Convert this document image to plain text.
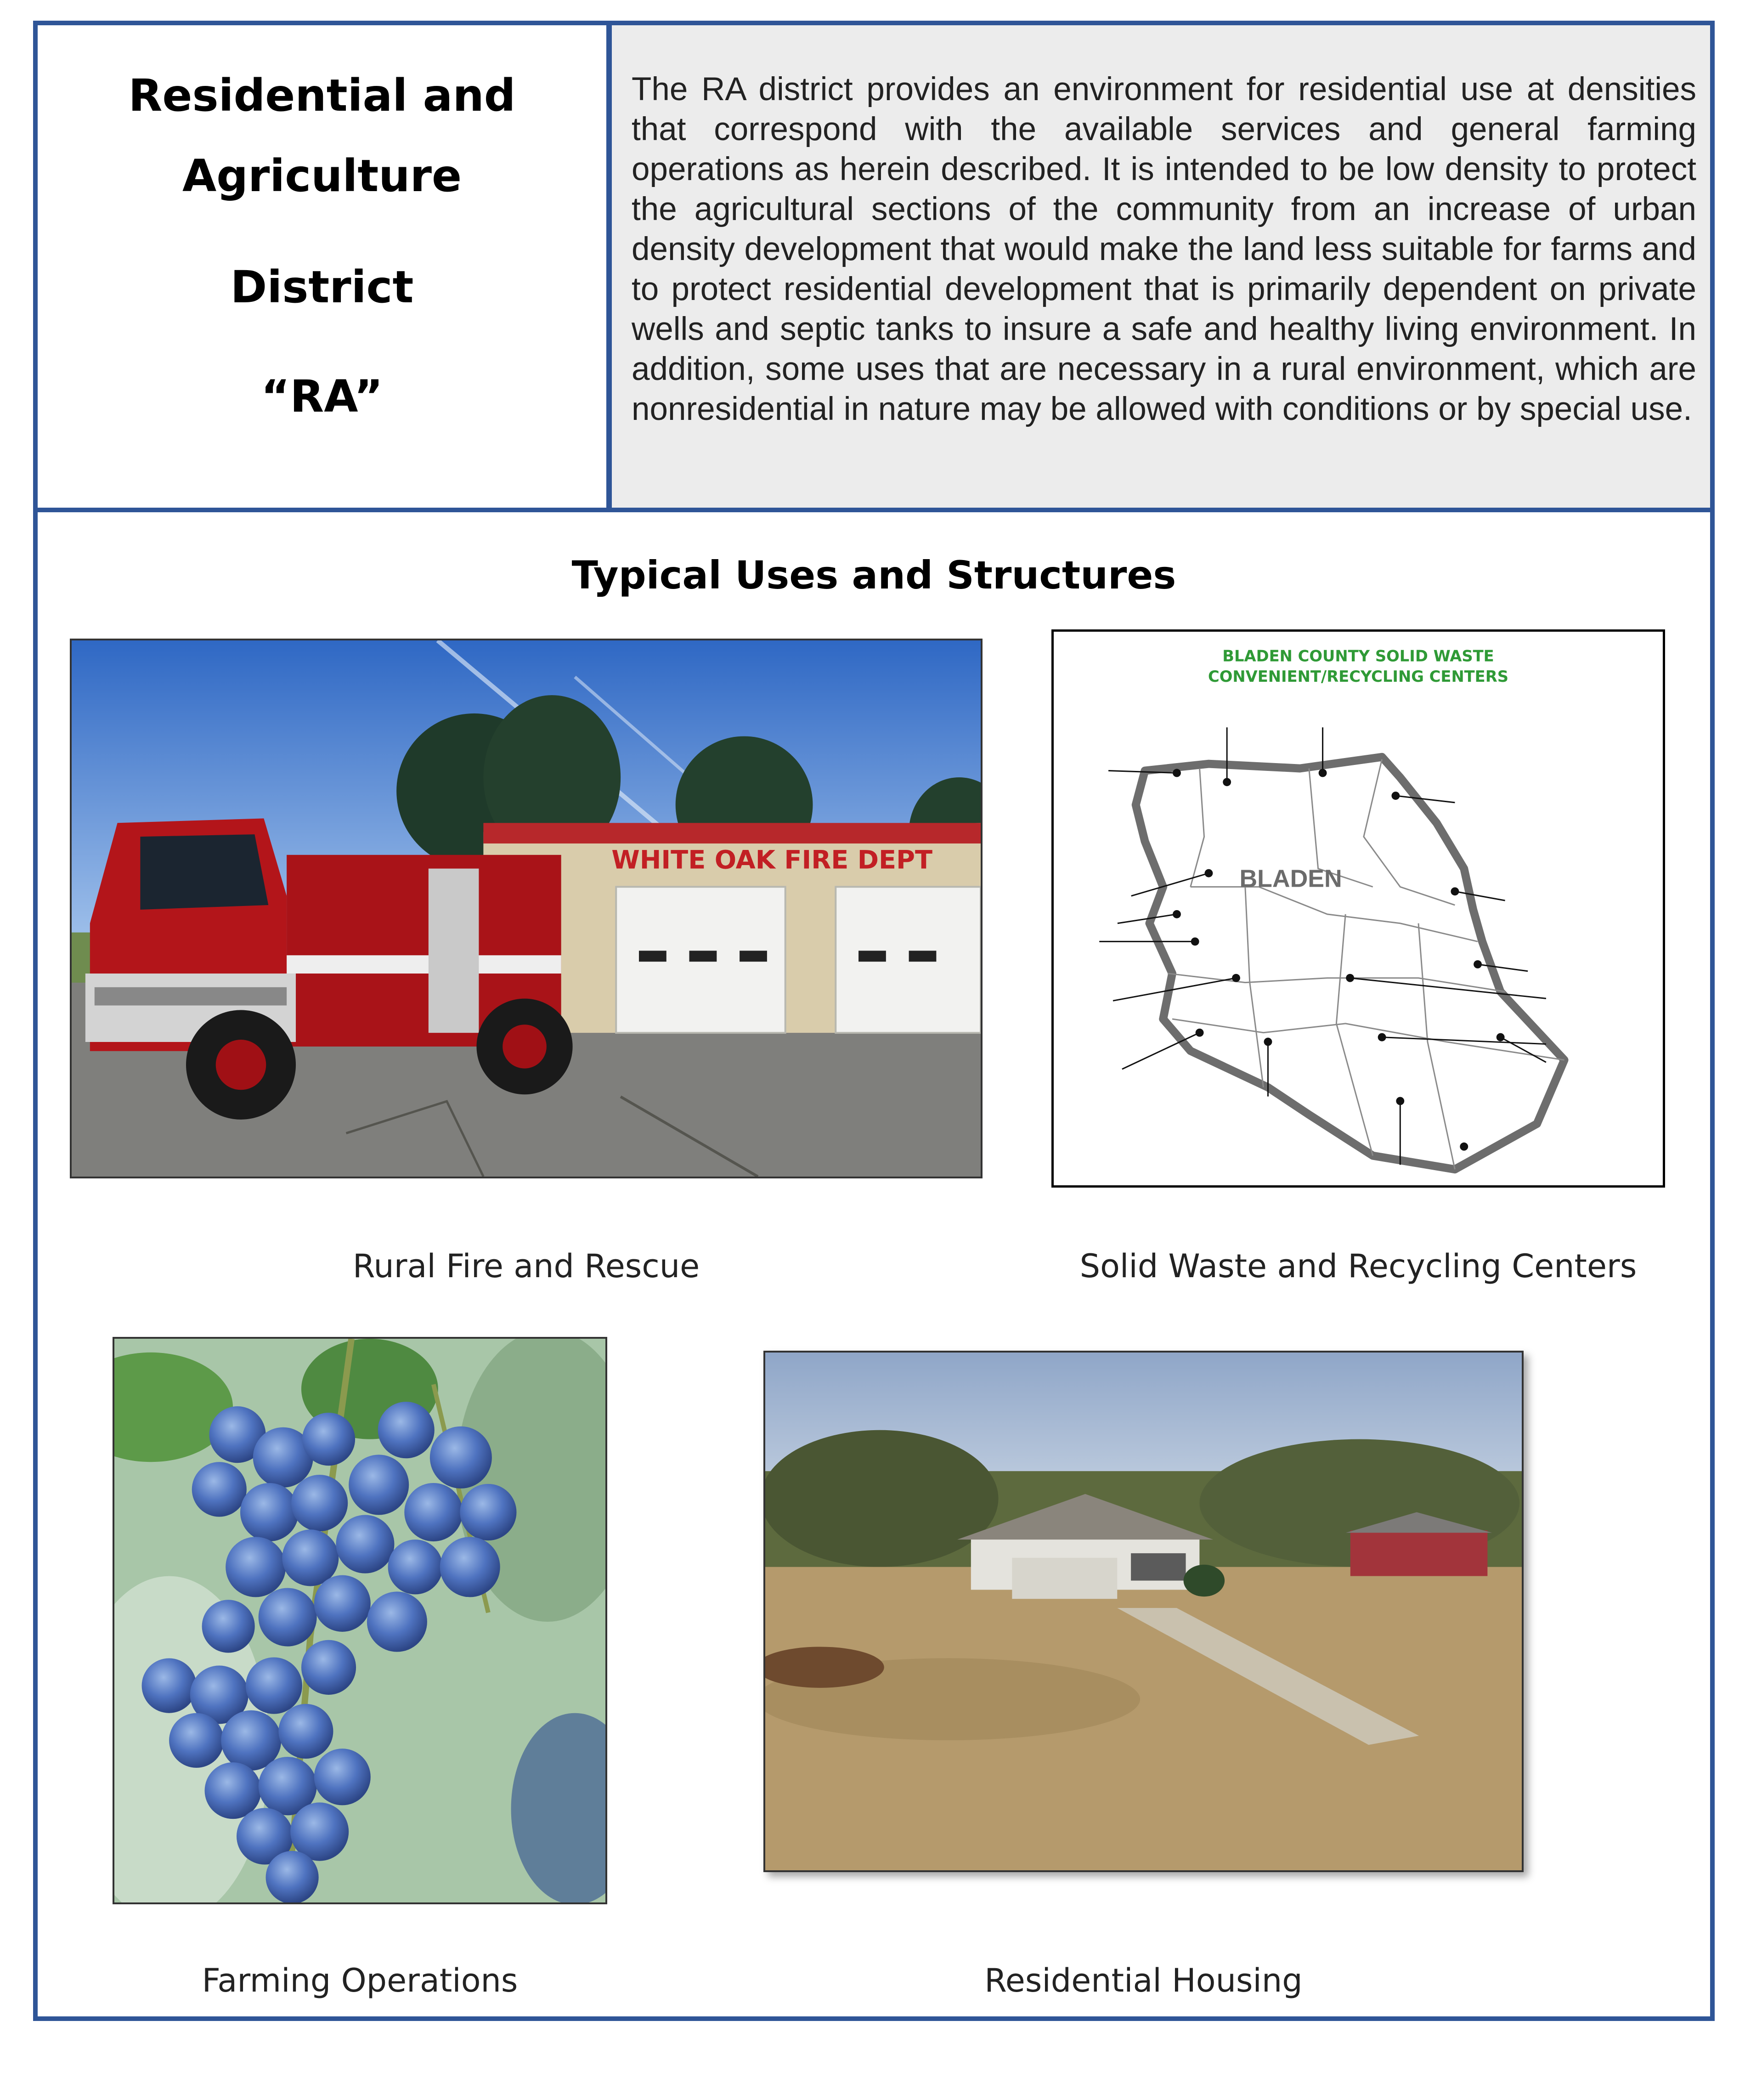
Residential and
Agriculture
District
“RA”

The RA district provides an environment for residential use at densities that correspond with the available services and general farming operations as herein described. It is intended to be low density to protect the agricultural sections of the community from an increase of urban density development that would make the land less suitable for farms and to protect residential development that is primarily dependent on private wells and septic tanks to insure a safe and healthy living environment. In addition, some uses that are necessary in a rural environment, which are nonresidential in nature may be allowed with conditions or by special use.

Typical Uses and Structures
WHITE OAK FIRE DEPT
Rural Fire and Rescue
BLADEN COUNTY SOLID WASTE
CONVENIENT/RECYCLING CENTERS
BLADEN
Solid Waste and Recycling Centers
Farming Operations	Residential Housing
